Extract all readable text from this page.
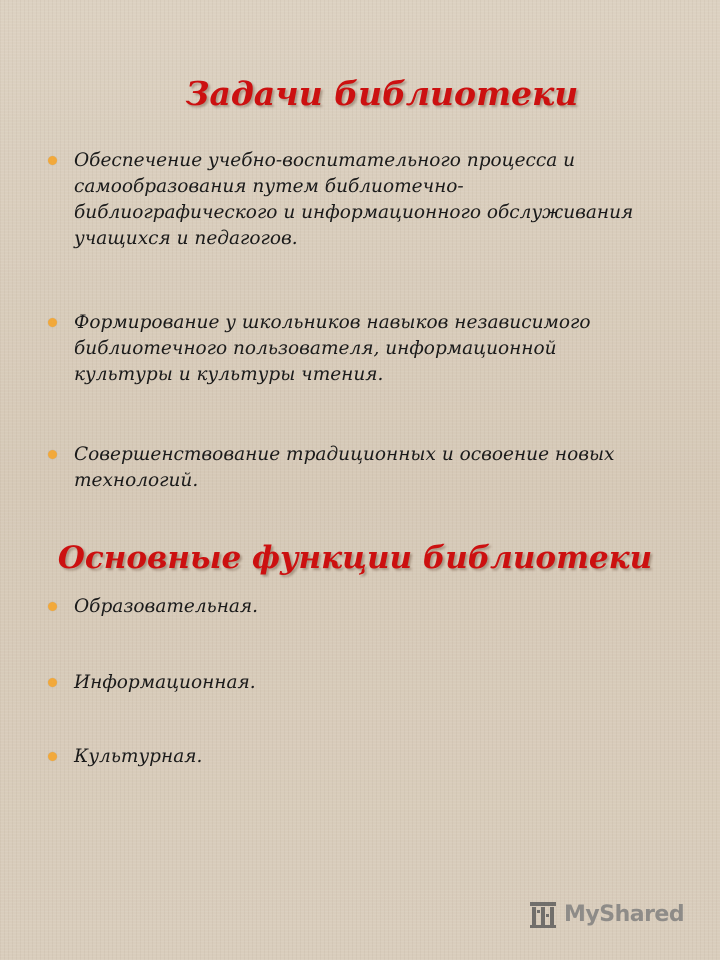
Задачи библиотеки
Обеспечение учебно-воспитательного процесса и самообразования путем библиотечно-библиографического и информационного обслуживания учащихся и педагогов.
Формирование у школьников навыков независимого библиотечного пользователя, информационной культуры и культуры чтения.
Совершенствование традиционных и освоение новых технологий.
Основные функции библиотеки
Образовательная.
Информационная.
Культурная.
MyShared
